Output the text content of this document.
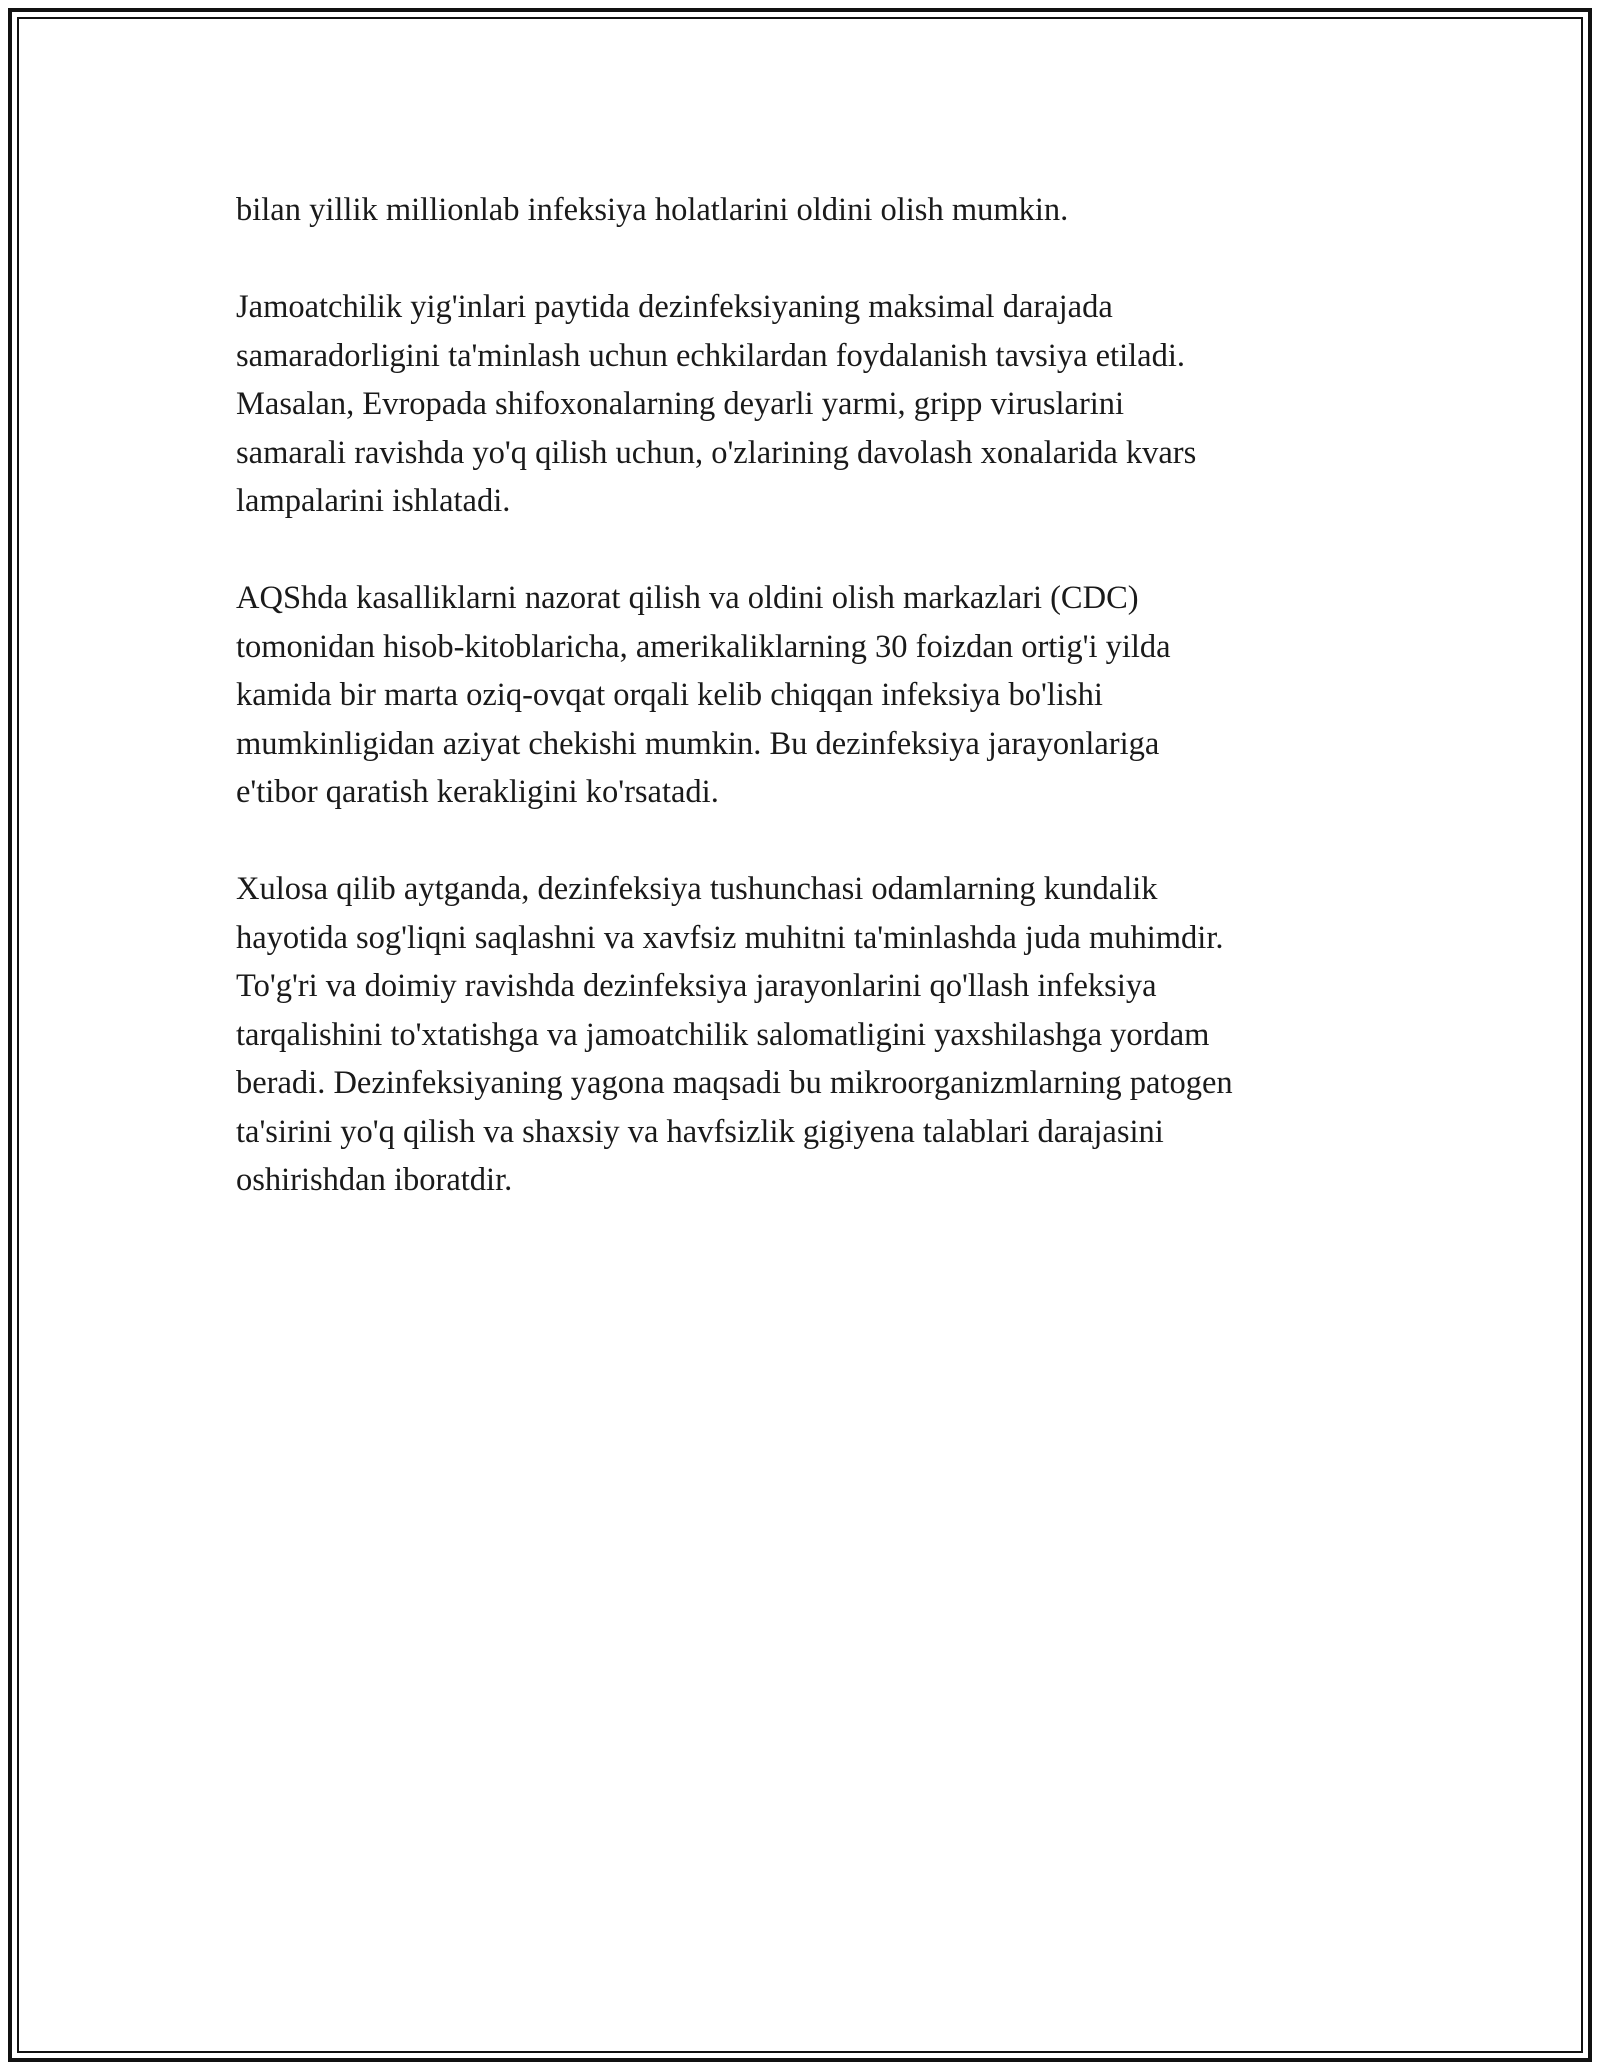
bilan yillik millionlab infeksiya holatlarini oldini olish mumkin.

Jamoatchilik yig'inlari paytida dezinfeksiyaning maksimal darajada
samaradorligini ta'minlash uchun echkilardan foydalanish tavsiya etiladi.
Masalan, Evropada shifoxonalarning deyarli yarmi, gripp viruslarini
samarali ravishda yo'q qilish uchun, o'zlarining davolash xonalarida kvars
lampalarini ishlatadi.

AQShda kasalliklarni nazorat qilish va oldini olish markazlari (CDC)
tomonidan hisob-kitoblaricha, amerikaliklarning 30 foizdan ortig'i yilda
kamida bir marta oziq-ovqat orqali kelib chiqqan infeksiya bo'lishi
mumkinligidan aziyat chekishi mumkin. Bu dezinfeksiya jarayonlariga
e'tibor qaratish kerakligini ko'rsatadi.

Xulosa qilib aytganda, dezinfeksiya tushunchasi odamlarning kundalik
hayotida sog'liqni saqlashni va xavfsiz muhitni ta'minlashda juda muhimdir.
To'g'ri va doimiy ravishda dezinfeksiya jarayonlarini qo'llash infeksiya
tarqalishini to'xtatishga va jamoatchilik salomatligini yaxshilashga yordam
beradi. Dezinfeksiyaning yagona maqsadi bu mikroorganizmlarning patogen
ta'sirini yo'q qilish va shaxsiy va havfsizlik gigiyena talablari darajasini
oshirishdan iboratdir.
